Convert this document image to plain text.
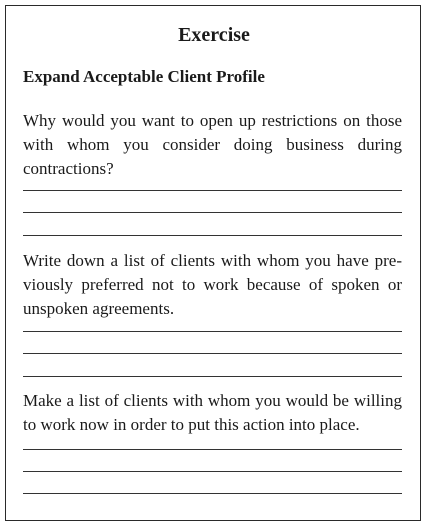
Exercise
Expand Acceptable Client Profile
Why would you want to open up restrictions on those with whom you consider doing business during contractions?
Write down a list of clients with whom you have previously preferred not to work because of spoken or unspoken agreements.
Make a list of clients with whom you would be willing to work now in order to put this action into place.
